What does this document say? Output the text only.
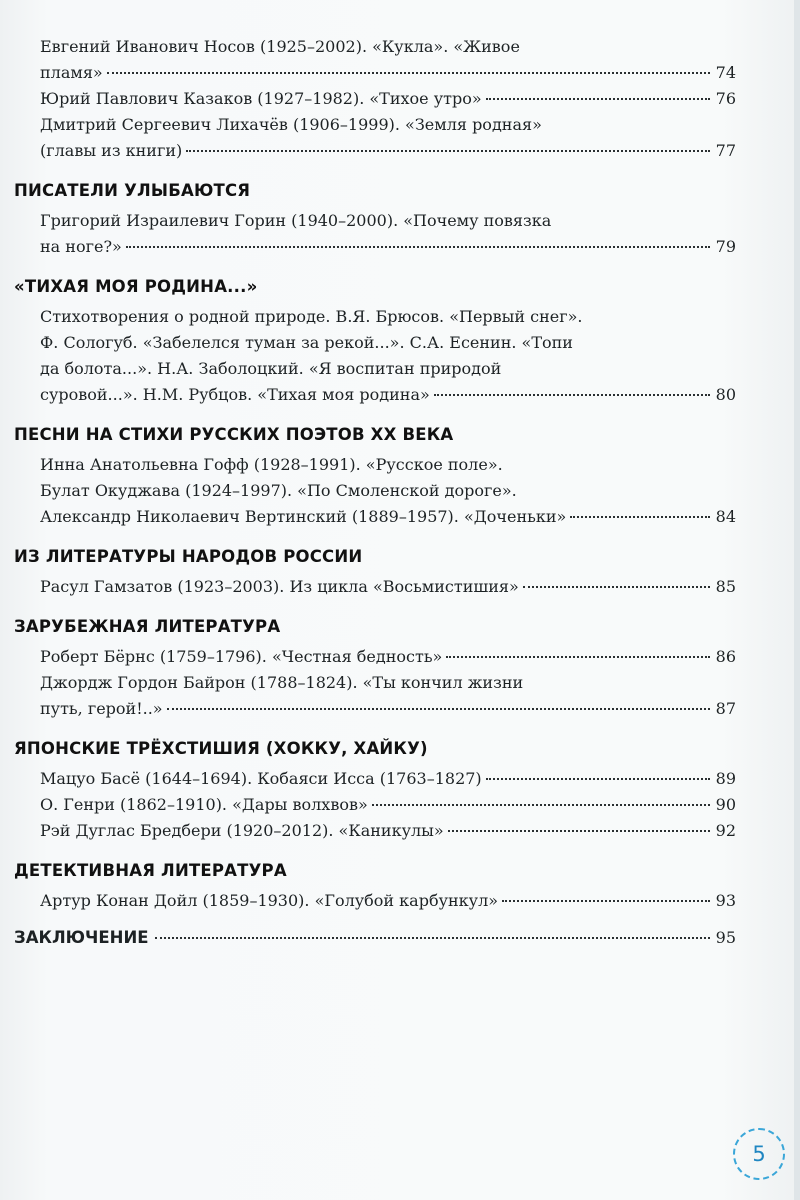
Евгений Иванович Носов (1925–2002). «Кукла». «Живое
пламя»	74
Юрий Павлович Казаков (1927–1982). «Тихое утро»	76
Дмитрий Сергеевич Лихачёв (1906–1999). «Земля родная»
(главы из книги)	77
ПИСАТЕЛИ УЛЫБАЮТСЯ
Григорий Израилевич Горин (1940–2000). «Почему повязка
на ноге?»	79
«ТИХАЯ МОЯ РОДИНА...»
Стихотворения о родной природе. В.Я. Брюсов. «Первый снег».
Ф. Сологуб. «Забелелся туман за рекой...». С.А. Есенин. «Топи
да болота...». Н.А. Заболоцкий. «Я воспитан природой
суровой...». Н.М. Рубцов. «Тихая моя родина»	80
ПЕСНИ НА СТИХИ РУССКИХ ПОЭТОВ XX ВЕКА
Инна Анатольевна Гофф (1928–1991). «Русское поле».
Булат Окуджава (1924–1997). «По Смоленской дороге».
Александр Николаевич Вертинский (1889–1957). «Доченьки»	84
ИЗ ЛИТЕРАТУРЫ НАРОДОВ РОССИИ
Расул Гамзатов (1923–2003). Из цикла «Восьмистишия»	85
ЗАРУБЕЖНАЯ ЛИТЕРАТУРА
Роберт Бёрнс (1759–1796). «Честная бедность»	86
Джордж Гордон Байрон (1788–1824). «Ты кончил жизни
путь, герой!..»	87
ЯПОНСКИЕ ТРЁХСТИШИЯ (ХОККУ, ХАЙКУ)
Мацуо Басё (1644–1694). Кобаяси Исса (1763–1827)	89
О. Генри (1862–1910). «Дары волхвов»	90
Рэй Дуглас Бредбери (1920–2012). «Каникулы»	92
ДЕТЕКТИВНАЯ ЛИТЕРАТУРА
Артур Конан Дойл (1859–1930). «Голубой карбункул»	93
ЗАКЛЮЧЕНИЕ	95
5
